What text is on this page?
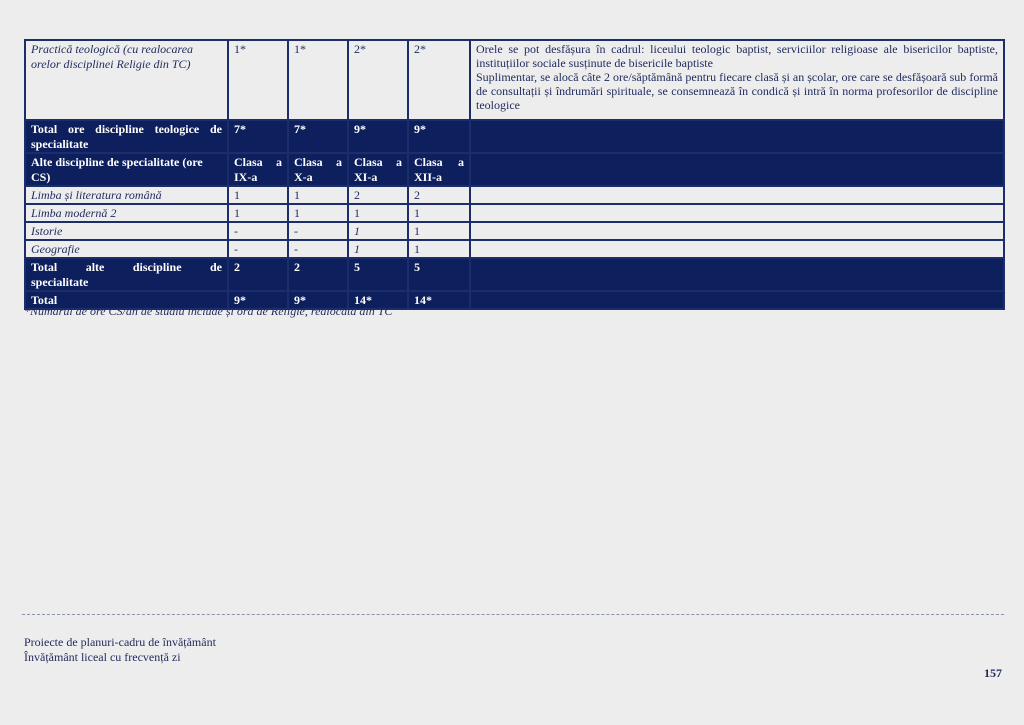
Practică teologică (cu realocarea orelor disciplinei Religie din TC)	1*	1*	2*	2*	Orele se pot desfășura în cadrul: liceului teologic baptist, serviciilor religioase ale bisericilor baptiste, instituțiilor sociale susținute de bisericile baptiste
Suplimentar, se alocă câte 2 ore/săptămână pentru fiecare clasă și an școlar, ore care se desfășoară sub formă de consultații și îndrumări spirituale, se consemnează în condică și intră în norma profesorilor de discipline teologice

Total ore discipline teologice de specialitate	7*	7*	9*	9*	
Alte discipline de specialitate (ore CS)	Clasa a IX-a	Clasa a X-a	Clasa a XI-a	Clasa a XII-a	
Limba și literatura română	1	1	2	2	
Limba modernă 2	1	1	1	1	
Istorie	-	-	1	1	
Geografie	-	-	1	1	
Total alte discipline de specialitate	2	2	5	5	
Total	9*	9*	14*	14*	
*Numărul de ore CS/an de studiu include și ora de Religie, realocată din TC
Proiecte de planuri-cadru de învățământ
Învățământ liceal cu frecvență zi
157
